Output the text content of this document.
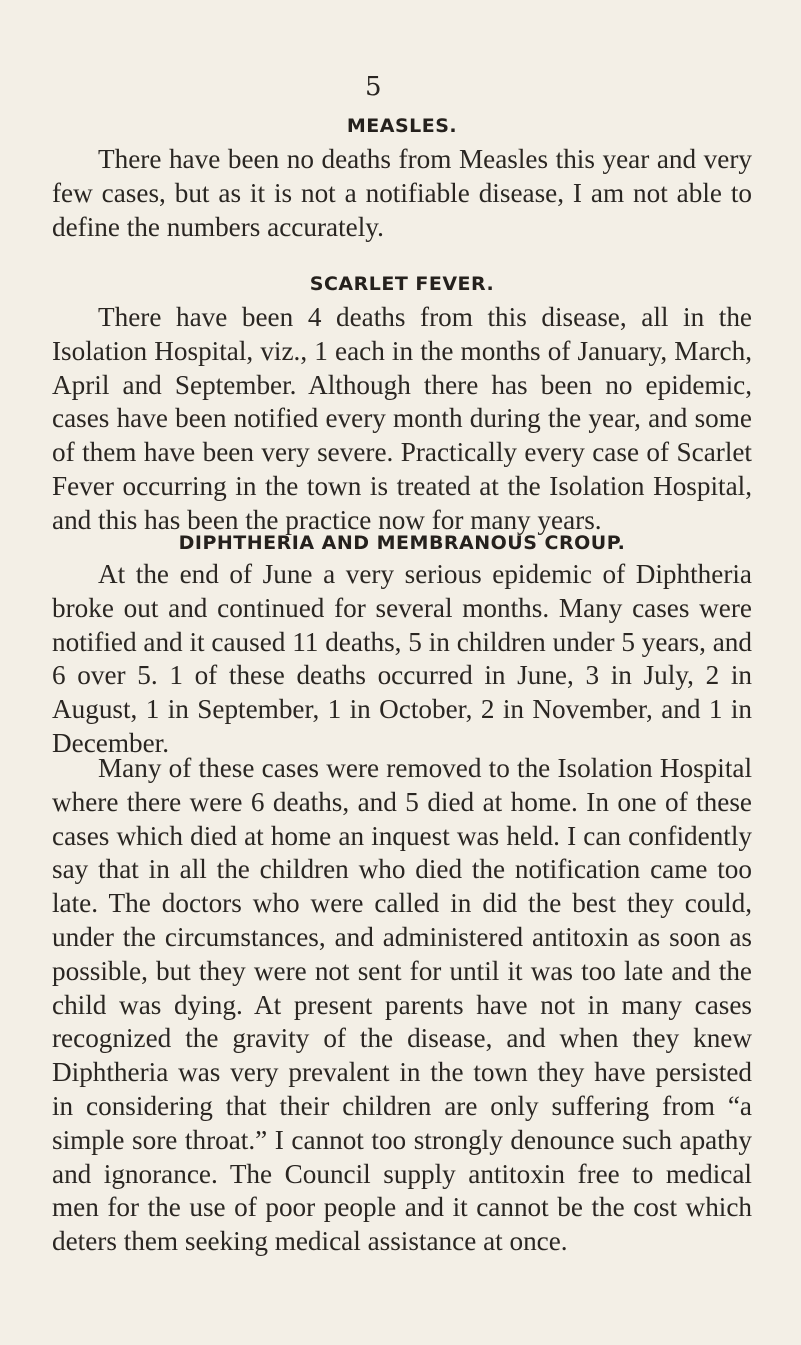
5
MEASLES.

There have been no deaths from Measles this year and very few cases, but as it is not a notifiable disease, I am not able to define the numbers accurately.

SCARLET FEVER.

There have been 4 deaths from this disease, all in the Isolation Hospital, viz., 1 each in the months of January, March, April and September. Although there has been no epidemic, cases have been notified every month during the year, and some of them have been very severe. Practically every case of Scarlet Fever occurring in the town is treated at the Isolation Hospital, and this has been the practice now for many years.

DIPHTHERIA AND MEMBRANOUS CROUP.

At the end of June a very serious epidemic of Diphtheria broke out and continued for several months. Many cases were notified and it caused 11 deaths, 5 in children under 5 years, and 6 over 5. 1 of these deaths occurred in June, 3 in July, 2 in August, 1 in September, 1 in October, 2 in November, and 1 in December.

Many of these cases were removed to the Isolation Hospital where there were 6 deaths, and 5 died at home. In one of these cases which died at home an inquest was held. I can confidently say that in all the children who died the notification came too late. The doctors who were called in did the best they could, under the circumstances, and administered antitoxin as soon as possible, but they were not sent for until it was too late and the child was dying. At present parents have not in many cases recognized the gravity of the disease, and when they knew Diphtheria was very prevalent in the town they have persisted in considering that their children are only suffering from “a simple sore throat.” I cannot too strongly denounce such apathy and ignorance. The Council supply antitoxin free to medical men for the use of poor people and it cannot be the cost which deters them seeking medical assistance at once.
